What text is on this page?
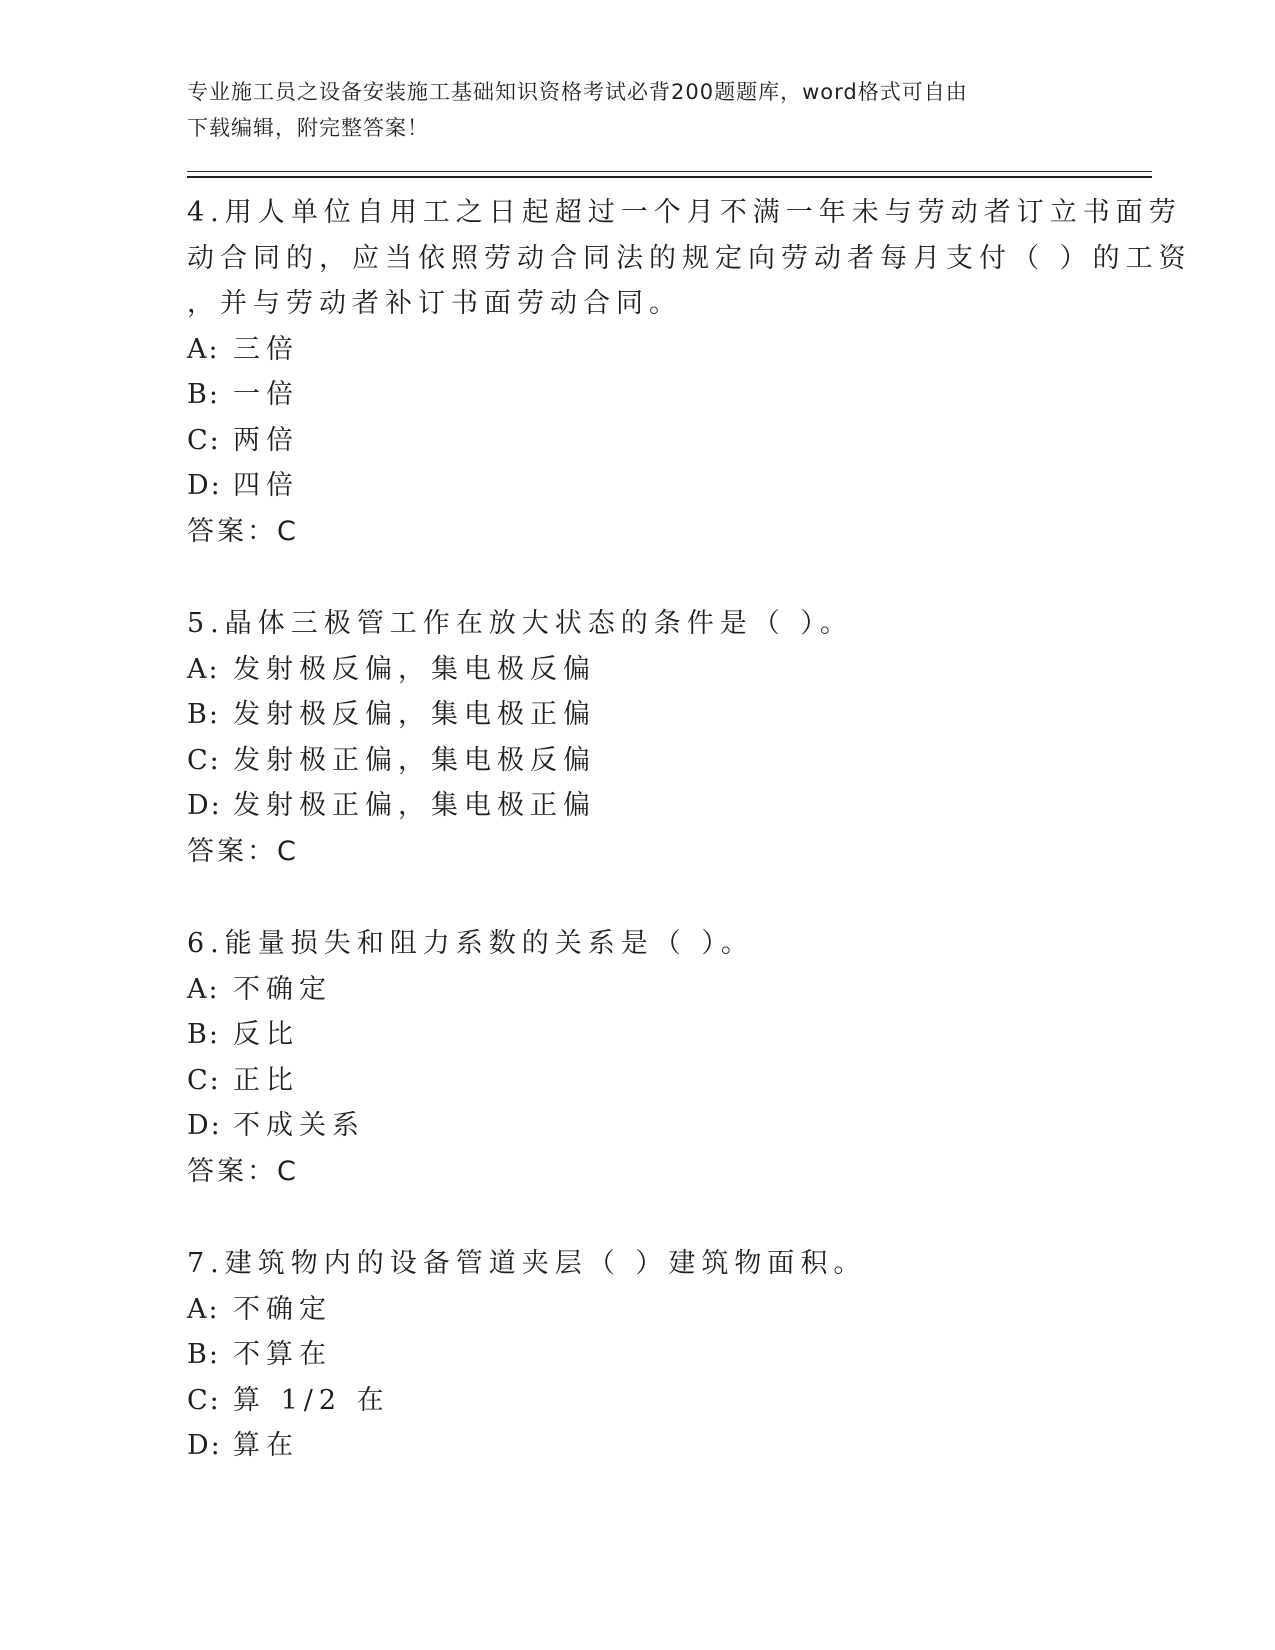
专业施工员之设备安装施工基础知识资格考试必背200题题库，word格式可自由

下载编辑，附完整答案！

4.用人单位自用工之日起超过一个月不满一年未与劳动者订立书面劳

动合同的，应当依照劳动合同法的规定向劳动者每月支付（ ）的工资

，并与劳动者补订书面劳动合同。

A: 三倍

B: 一倍

C: 两倍

D: 四倍

答案：C

5.晶体三极管工作在放大状态的条件是（ ）。

A: 发射极反偏，集电极反偏

B: 发射极反偏，集电极正偏

C: 发射极正偏，集电极反偏

D: 发射极正偏，集电极正偏

答案：C

6.能量损失和阻力系数的关系是（ ）。

A: 不确定

B: 反比

C: 正比

D: 不成关系

答案：C

7.建筑物内的设备管道夹层（ ）建筑物面积。

A: 不确定

B: 不算在

C: 算 1/2 在

D: 算在
